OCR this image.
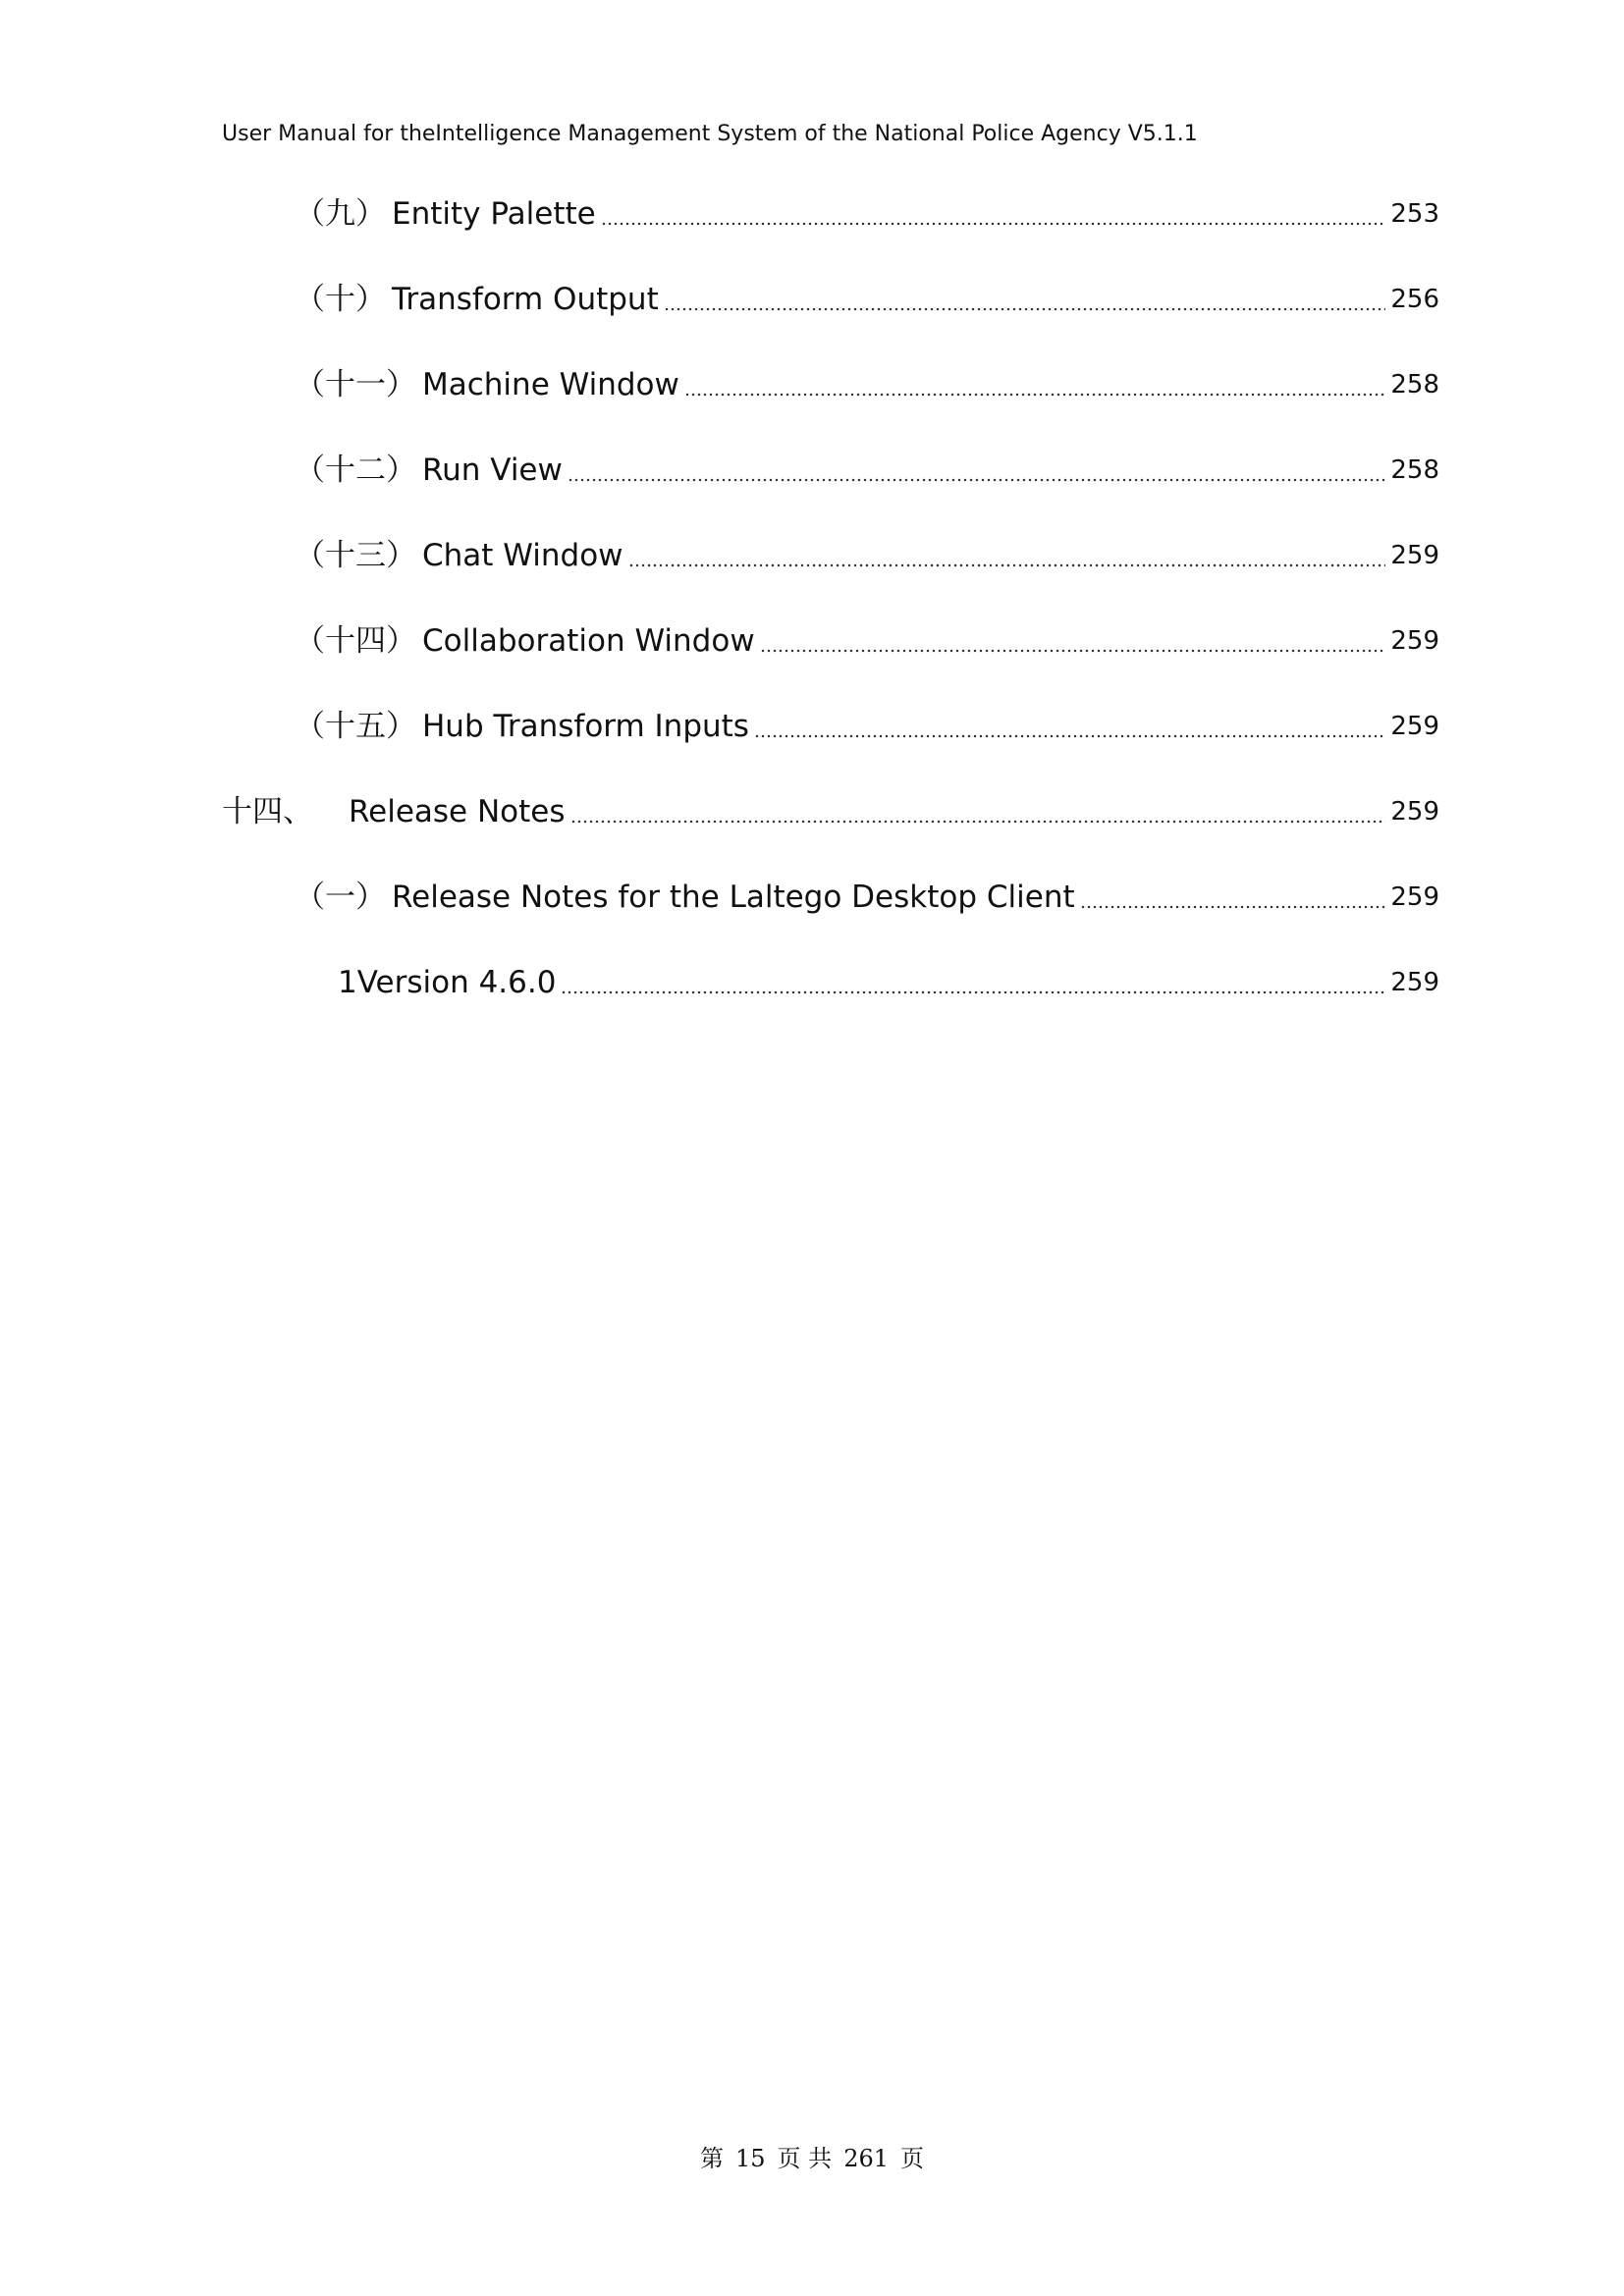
User Manual for theIntelligence Management System of the National Police Agency V5.1.1
（九） Entity Palette	253
（十） Transform Output	256
（十一） Machine Window	258
（十二） Run View	258
（十三） Chat Window	259
（十四） Collaboration Window	259
（十五） Hub Transform Inputs	259
十四、 Release Notes	259
（一） Release Notes for the Laltego Desktop Client	259
1 Version 4.6.0	259
第 15 页 共 261 页
